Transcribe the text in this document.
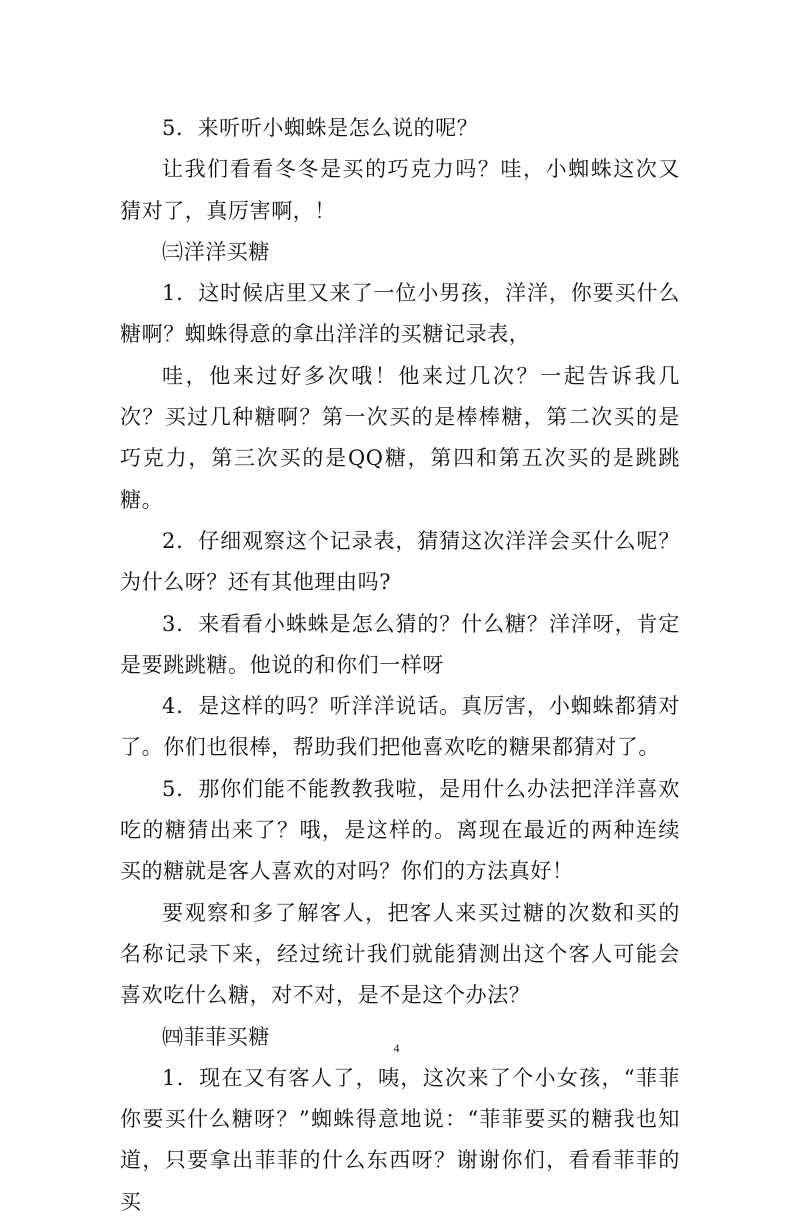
5．来听听小蜘蛛是怎么说的呢？

让我们看看冬冬是买的巧克力吗？哇，小蜘蛛这次又猜对了，真厉害啊，！

㈢洋洋买糖

1．这时候店里又来了一位小男孩，洋洋，你要买什么糖啊？蜘蛛得意的拿出洋洋的买糖记录表，

哇，他来过好多次哦！他来过几次？一起告诉我几次？买过几种糖啊？第一次买的是棒棒糖，第二次买的是巧克力，第三次买的是QQ糖，第四和第五次买的是跳跳糖。

2．仔细观察这个记录表，猜猜这次洋洋会买什么呢？为什么呀？还有其他理由吗?

3．来看看小蛛蛛是怎么猜的？什么糖？洋洋呀，肯定是要跳跳糖。他说的和你们一样呀

4．是这样的吗？听洋洋说话。真厉害，小蜘蛛都猜对了。你们也很棒，帮助我们把他喜欢吃的糖果都猜对了。

5．那你们能不能教教我啦，是用什么办法把洋洋喜欢吃的糖猜出来了？哦，是这样的。离现在最近的两种连续买的糖就是客人喜欢的对吗？你们的方法真好！

要观察和多了解客人，把客人来买过糖的次数和买的名称记录下来，经过统计我们就能猜测出这个客人可能会喜欢吃什么糖，对不对，是不是这个办法？

㈣菲菲买糖

1．现在又有客人了，咦，这次来了个小女孩，“菲菲你要买什么糖呀？”蜘蛛得意地说：“菲菲要买的糖我也知道，只要拿出菲菲的什么东西呀？谢谢你们，看看菲菲的买

4
